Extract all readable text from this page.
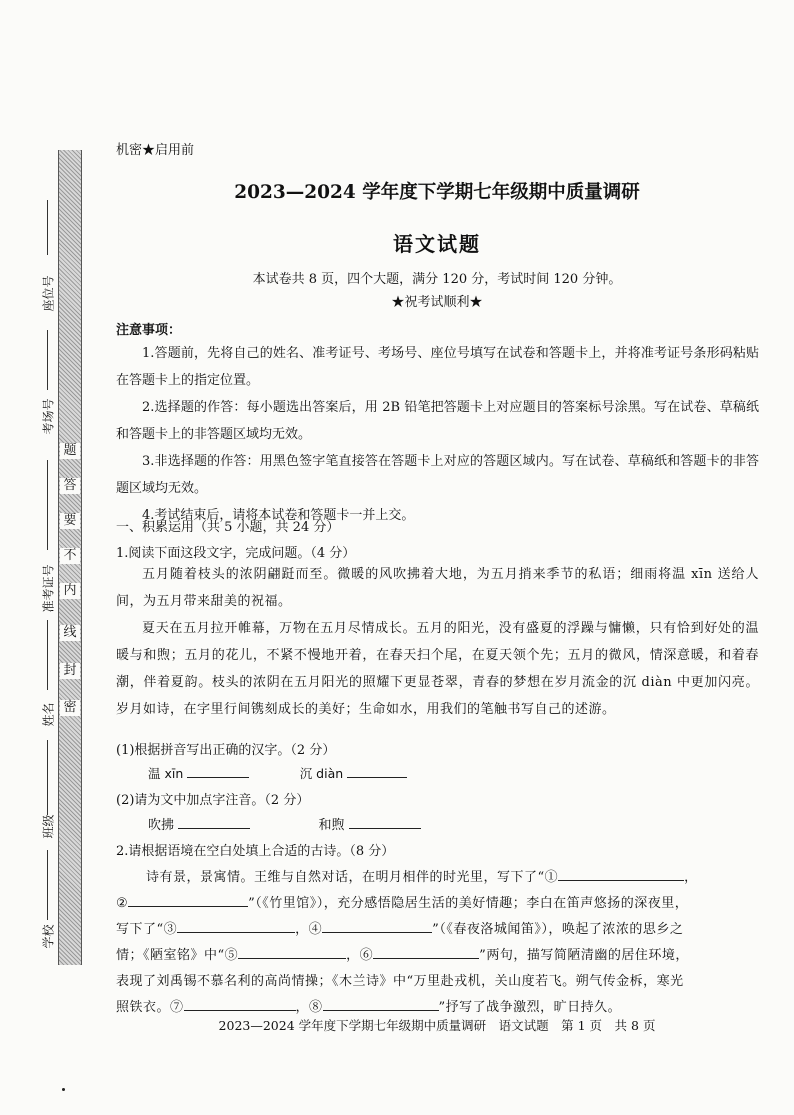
题
答
要
不
内
线
封
密
座位号
考场号
准考证号
姓名
班级
学校
机密★启用前
2023—2024 学年度下学期七年级期中质量调研
语文试题
本试卷共 8 页，四个大题，满分 120 分，考试时间 120 分钟。
★祝考试顺利★
注意事项：

1.答题前，先将自己的姓名、准考证号、考场号、座位号填写在试卷和答题卡上，并将准考证号条形码粘贴在答题卡上的指定位置。

2.选择题的作答：每小题选出答案后，用 2B 铅笔把答题卡上对应题目的答案标号涂黑。写在试卷、草稿纸和答题卡上的非答题区域均无效。

3.非选择题的作答：用黑色签字笔直接答在答题卡上对应的答题区域内。写在试卷、草稿纸和答题卡的非答题区域均无效。

4.考试结束后，请将本试卷和答题卡一并上交。

一、积累运用（共 5 小题，共 24 分）
1.阅读下面这段文字，完成问题。（4 分）

五月随着枝头的浓阴翩跹而至。微暖的风吹拂着大地，为五月捎来季节的私语；细雨将温 xīn 送给人间，为五月带来甜美的祝福。

夏天在五月拉开帷幕，万物在五月尽情成长。五月的阳光，没有盛夏的浮躁与慵懒，只有恰到好处的温暖与和煦；五月的花儿，不紧不慢地开着，在春天扫个尾，在夏天领个先；五月的微风，情深意暖，和着春潮，伴着夏韵。枝头的浓阴在五月阳光的照耀下更显苍翠，青春的梦想在岁月流金的沉 diàn 中更加闪亮。岁月如诗，在字里行间镌刻成长的美好；生命如水，用我们的笔触书写自己的述游。

(1)根据拼音写出正确的汉字。（2 分）
温 xīn	沉 diàn
(2)请为文中加点字注音。（2 分）
吹拂	和煦
2.请根据语境在空白处填上合适的古诗。（8 分）
诗有景，景寓情。王维与自然对话，在明月相伴的时光里，写下了“①	，
②	”（《竹里馆》），充分感悟隐居生活的美好情趣；李白在笛声悠扬的深夜里，
写下了“③	，④	”（《春夜洛城闻笛》），唤起了浓浓的思乡之
情；《陋室铭》中“⑤	，⑥	”两句，描写简陋清幽的居住环境，
表现了刘禹锡不慕名利的高尚情操；《木兰诗》中“万里赴戎机，关山度若飞。朔气传金柝，寒光
照铁衣。⑦	，⑧	”抒写了战争激烈，旷日持久。
2023—2024 学年度下学期七年级期中质量调研　语文试题　第 1 页　共 8 页
